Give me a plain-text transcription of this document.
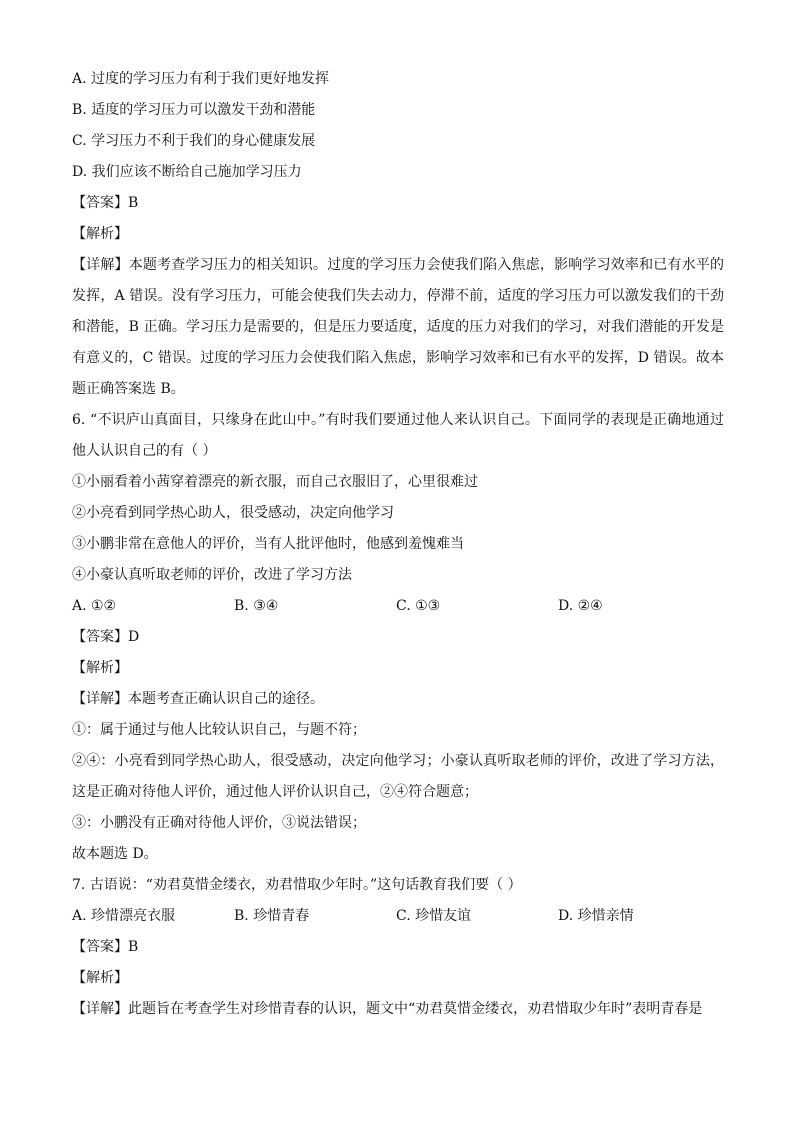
A. 过度的学习压力有利于我们更好地发挥
B. 适度的学习压力可以激发干劲和潜能
C. 学习压力不利于我们的身心健康发展
D. 我们应该不断给自己施加学习压力
【答案】B
【解析】
【详解】本题考查学习压力的相关知识。过度的学习压力会使我们陷入焦虑，影响学习效率和已有水平的发挥，A 错误。没有学习压力，可能会使我们失去动力，停滞不前，适度的学习压力可以激发我们的干劲和潜能，B 正确。学习压力是需要的，但是压力要适度，适度的压力对我们的学习，对我们潜能的开发是有意义的，C 错误。过度的学习压力会使我们陷入焦虑，影响学习效率和已有水平的发挥，D 错误。故本题正确答案选 B。
6. “不识庐山真面目，只缘身在此山中。”有时我们要通过他人来认识自己。下面同学的表现是正确地通过他人认识自己的有（ ）
①小丽看着小茜穿着漂亮的新衣服，而自己衣服旧了，心里很难过
②小亮看到同学热心助人，很受感动，决定向他学习
③小鹏非常在意他人的评价，当有人批评他时，他感到羞愧难当
④小豪认真听取老师的评价，改进了学习方法
A. ①②	B. ③④	C. ①③	D. ②④
【答案】D
【解析】
【详解】本题考查正确认识自己的途径。
①：属于通过与他人比较认识自己，与题不符；
②④：小亮看到同学热心助人，很受感动，决定向他学习；小豪认真听取老师的评价，改进了学习方法，这是正确对待他人评价，通过他人评价认识自己，②④符合题意；
③：小鹏没有正确对待他人评价，③说法错误；
故本题选 D。
7. 古语说：“劝君莫惜金缕衣，劝君惜取少年时。”这句话教育我们要（ ）
A. 珍惜漂亮衣服	B. 珍惜青春	C. 珍惜友谊	D. 珍惜亲情
【答案】B
【解析】
【详解】此题旨在考查学生对珍惜青春的认识，题文中“劝君莫惜金缕衣，劝君惜取少年时”表明青春是
